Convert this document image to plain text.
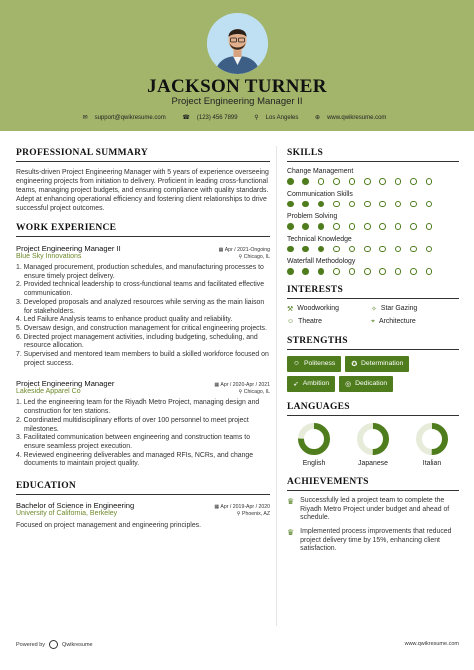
JACKSON TURNER
Project Engineering Manager II
✉ support@qwikresume.com	☎ (123) 456 7899	⚲ Los Angeles	⊕ www.qwikresume.com
PROFESSIONAL SUMMARY
Results-driven Project Engineering Manager with 5 years of experience overseeing engineering projects from initiation to delivery. Proficient in leading cross-functional teams, managing project budgets, and ensuring compliance with quality standards. Adept at enhancing operational efficiency and fostering client relationships to drive successful project outcomes.
WORK EXPERIENCE
Project Engineering Manager II	▦ Apr / 2021-Ongoing
Blue Sky Innovations	⚲ Chicago, IL
1. Managed procurement, production schedules, and manufacturing processes to ensure timely project delivery.
2. Provided technical leadership to cross-functional teams and facilitated effective communication.
3. Developed proposals and analyzed resources while serving as the main liaison for stakeholders.
4. Led Failure Analysis teams to enhance product quality and reliability.
5. Oversaw design, and construction management for critical engineering projects.
6. Directed project management activities, including budgeting, scheduling, and resource allocation.
7. Supervised and mentored team members to build a skilled workforce focused on project success.
Project Engineering Manager	▦ Apr / 2020-Apr / 2021
Lakeside Apparel Co	⚲ Chicago, IL
1. Led the engineering team for the Riyadh Metro Project, managing design and construction for ten stations.
2. Coordinated multidisciplinary efforts of over 100 personnel to meet project milestones.
3. Facilitated communication between engineering and construction teams to ensure seamless project execution.
4. Reviewed engineering deliverables and managed RFIs, NCRs, and change documents to maintain project quality.
EDUCATION
Bachelor of Science in Engineering	▦ Apr / 2019-Apr / 2020
University of California, Berkeley	⚲ Phoenix, AZ
Focused on project management and engineering principles.
SKILLS
Change Management
Communication Skills
Problem Solving
Technical Knowledge
Waterfall Methodology
INTERESTS
⚒ Woodworking	✧ Star Gazing
☺ Theatre	⌖ Architecture
STRENGTHS
☺ Politeness ✪ Determination
➶ Ambition ◎ Dedication
LANGUAGES
English	Japanese	Italian
ACHIEVEMENTS
♛ Successfully led a project team to complete the Riyadh Metro Project under budget and ahead of schedule.
♛ Implemented process improvements that reduced project delivery time by 15%, enhancing client satisfaction.
Powered by	Qwikresume	www.qwikresume.com
